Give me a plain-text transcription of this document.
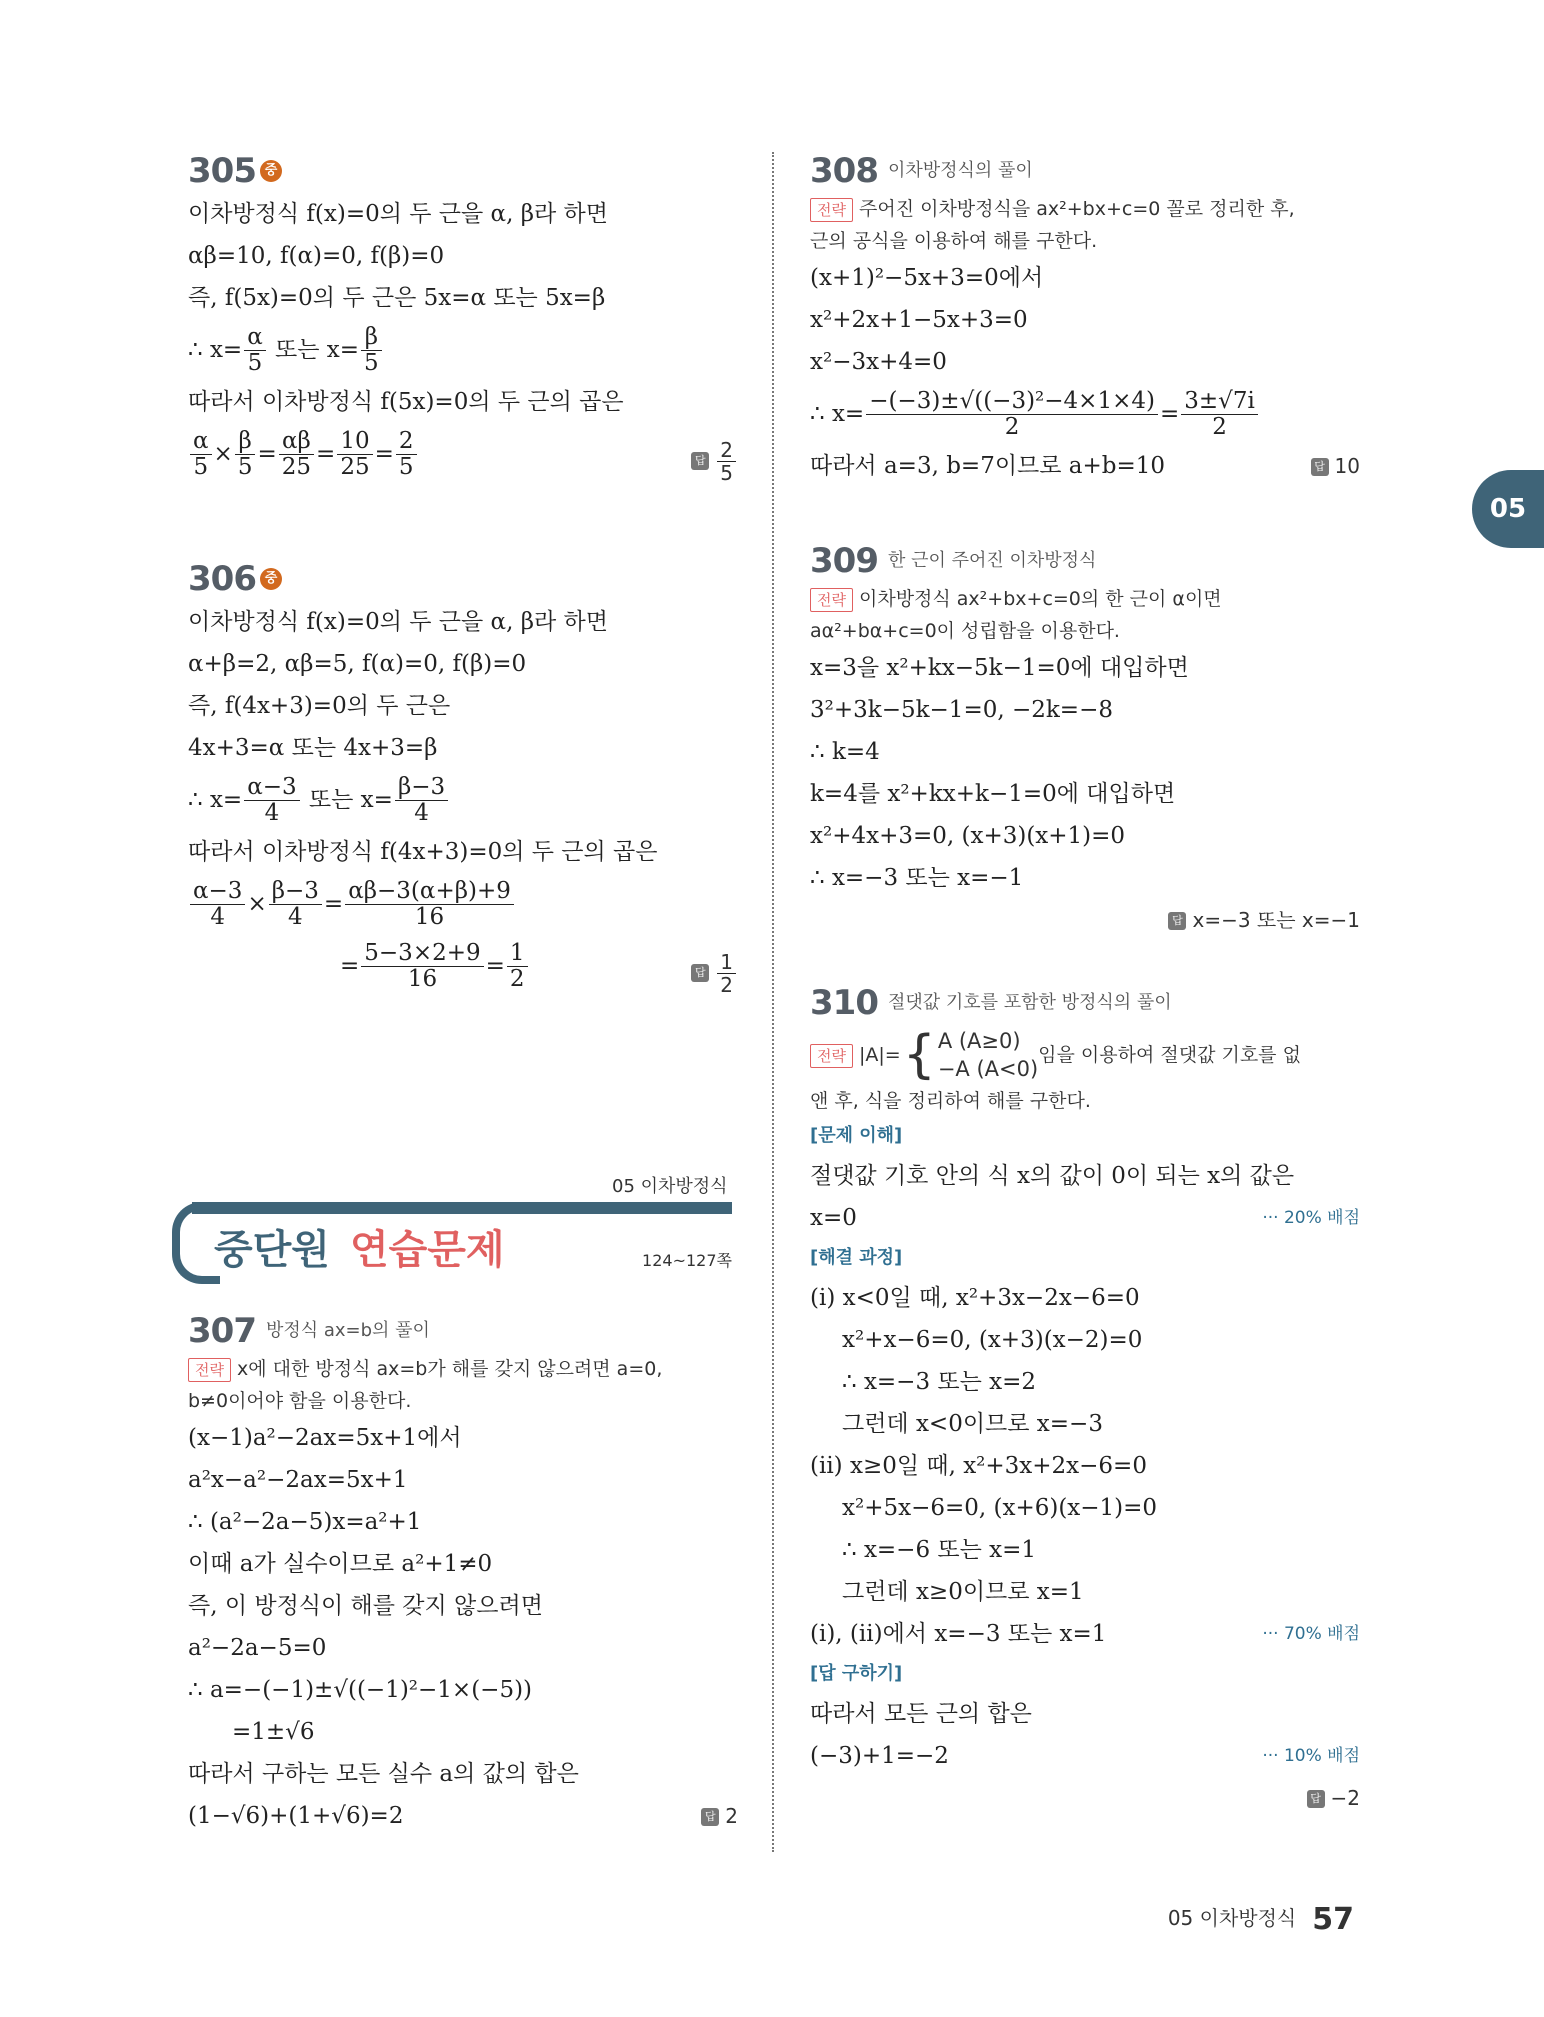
305 중
이차방정식 f(x)=0의 두 근을 α, β라 하면
αβ=10, f(α)=0, f(β)=0
즉, f(5x)=0의 두 근은 5x=α 또는 5x=β
∴ $x= \frac{\alpha}{5}$ 또는 $x= \frac{\beta}{5}$
따라서 이차방정식 f(5x)=0의 두 근의 곱은
$\frac{\alpha}{5} \times \frac{\beta}{5} = \frac{\alpha\beta}{25} = \frac{10}{25} = \frac{2}{5}$	답 $\frac{2}{5}$
306 중
이차방정식 f(x)=0의 두 근을 α, β라 하면
α+β=2, αβ=5, f(α)=0, f(β)=0
즉, f(4x+3)=0의 두 근은
4x+3=α 또는 4x+3=β
∴ $x= \frac{\alpha-3}{4}$ 또는 $x= \frac{\beta-3}{4}$
따라서 이차방정식 f(4x+3)=0의 두 근의 곱은
$\frac{\alpha-3}{4} \times \frac{\beta-3}{4} = \frac{\alpha\beta-3(\alpha+\beta)+9}{16}$
= $\frac{5-3\times 2+9}{16} = \frac{1}{2}$	답 $\frac{1}{2}$
307 방정식 ax=b의 풀이
전략 x에 대한 방정식 ax=b가 해를 갖지 않으려면 a=0,
b≠0이어야 함을 이용한다.
(x−1)a²−2ax=5x+1에서
a²x−a²−2ax=5x+1
∴ (a²−2a−5)x=a²+1
이때 a가 실수이므로 a²+1≠0
즉, 이 방정식이 해를 갖지 않으려면
a²−2a−5=0
∴ a=−(−1)±√((−1)²−1×(−5))
=1±√6
따라서 구하는 모든 실수 a의 값의 합은
(1−√6)+(1+√6)=2	답 2
05 이차방정식
중단원 연습문제	124~127쪽
308 이차방정식의 풀이
전략 주어진 이차방정식을 ax²+bx+c=0 꼴로 정리한 후,
근의 공식을 이용하여 해를 구한다.
(x+1)²−5x+3=0에서
x²+2x+1−5x+3=0
x²−3x+4=0
∴ $x= \frac{\text{−(−3)±√((−3)²−4×1×4)}}{2} = \frac{3\pm√7i}{2}$
따라서 a=3, b=7이므로 a+b=10	답 10
309 한 근이 주어진 이차방정식
전략 이차방정식 ax²+bx+c=0의 한 근이 α이면
aα²+bα+c=0이 성립함을 이용한다.
x=3을 x²+kx−5k−1=0에 대입하면
3²+3k−5k−1=0, −2k=−8
∴ k=4
k=4를 x²+kx+k−1=0에 대입하면
x²+4x+3=0, (x+3)(x+1)=0
∴ x=−3 또는 x=−1
답 x=−3 또는 x=−1
310 절댓값 기호를 포함한 방정식의 풀이
전략 |A|={ A (A≥0)
−A (A<0)
임을 이용하여 절댓값 기호를 없
앤 후, 식을 정리하여 해를 구한다.
[문제 이해]
절댓값 기호 안의 식 x의 값이 0이 되는 x의 값은
x=0	··· 20% 배점
[해결 과정]
(i) x<0일 때, x²+3x−2x−6=0
x²+x−6=0, (x+3)(x−2)=0
∴ x=−3 또는 x=2
그런데 x<0이므로 x=−3
(ii) x≥0일 때, x²+3x+2x−6=0
x²+5x−6=0, (x+6)(x−1)=0
∴ x=−6 또는 x=1
그런데 x≥0이므로 x=1
(i), (ii)에서 x=−3 또는 x=1	··· 70% 배점
[답 구하기]
따라서 모든 근의 합은
(−3)+1=−2	··· 10% 배점
답 −2
05
05 이차방정식 57
